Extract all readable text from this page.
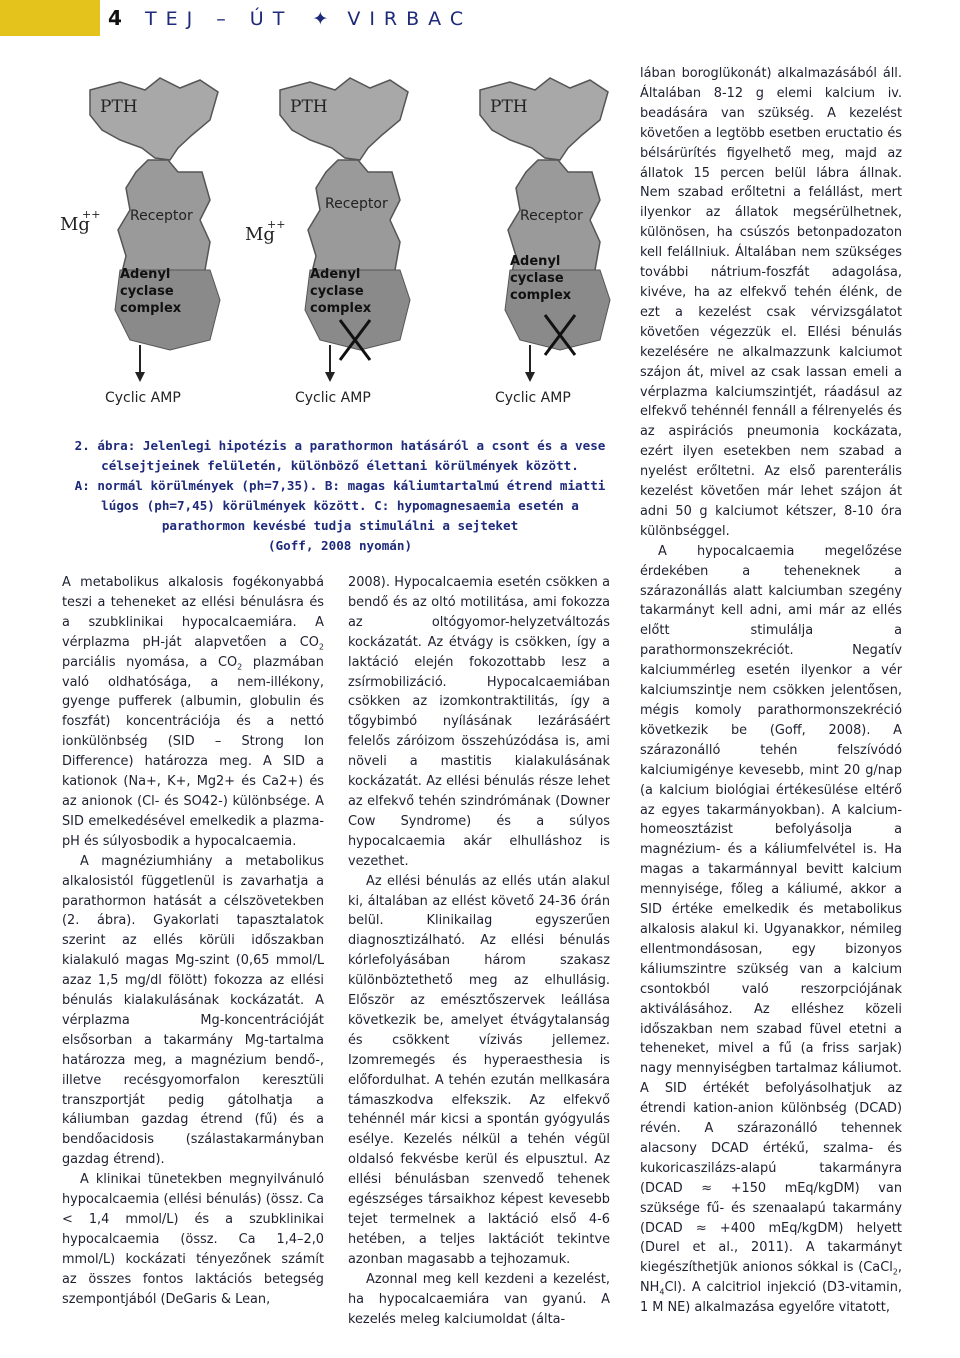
4 TEJ – ÚT ✦ VIRBAC
PTH
Mg
++ Receptor
Adenyl
cyclase
complex
Cyclic AMP
PTH
Mg
++
Receptor
Adenyl
cyclase
complex
Cyclic AMP
PTH
Receptor
Adenyl
cyclase
complex
Cyclic AMP

2. ábra: Jelenlegi hipotézis a parathormon hatásáról a csont és a vese

célsejtjeinek felületén, különböző élettani körülmények között.

A: normál körülmények (ph=7,35). B: magas káliumtartalmú étrend miatti

lúgos (ph=7,45) körülmények között. C: hypomagnesaemia esetén a

parathormon kevésbé tudja stimulálni a sejteket

(Goff, 2008 nyomán)

A metabolikus alkalosis fogékonyabbá teszi a teheneket az ellési bénulásra és a szubklinikai hypocalcaemiára. A vérplazma pH-ját alapvetően a $CO_2$ parciális nyomása, a $CO_2$ plazmában való oldhatósága, a nem-illékony, gyenge pufferek (albumin, globulin és foszfát) koncentrációja és a nettó ionkülönbség (SID – Strong Ion Difference) határozza meg. A SID a kationok (Na+, K+, Mg2+ és Ca2+) és az anionok (Cl- és SO42-) különbsége. A SID emelkedésével emelkedik a plazma-pH és súlyosbodik a hypocalcaemia.

A magnéziumhiány a metabolikus alkalosistól függetlenül is zavarhatja a parathormon hatását a célszövetekben (2. ábra). Gyakorlati tapasztalatok szerint az ellés körüli időszakban kialakuló magas Mg-szint (0,65 mmol/L azaz 1,5 mg/dl fölött) fokozza az ellési bénulás kialakulásának kockázatát. A vérplazma Mg-koncentrációját elsősorban a takarmány Mg-tartalma határozza meg, a magnézium bendő-, illetve recésgyomorfalon keresztüli transzportját pedig gátolhatja a káliumban gazdag étrend (fű) és a bendőacidosis (szálastakarmányban gazdag étrend).

A klinikai tünetekben megnyilvánuló hypocalcaemia (ellési bénulás) (össz. Ca < 1,4 mmol/L) és a szubklinikai hypocalcaemia (össz. Ca 1,4–2,0 mmol/L) kockázati tényezőnek számít az összes fontos laktációs betegség szempontjából (DeGaris & Lean,

2008). Hypocalcaemia esetén csökken a bendő és az oltó motilitása, ami fokozza az oltógyomor-helyzetváltozás kockázatát. Az étvágy is csökken, így a laktáció elején fokozottabb lesz a zsírmobilizáció. Hypocalcaemiában csökken az izomkontraktilitás, így a tőgybimbó nyílásának lezárásáért felelős záróizom összehúzódása is, ami növeli a mastitis kialakulásának kockázatát. Az ellési bénulás része lehet az elfekvő tehén szindrómának (Downer Cow Syndrome) és a súlyos hypocalcaemia akár elhulláshoz is vezethet.

Az ellési bénulás az ellés után alakul ki, általában az ellést követő 24-36 órán belül. Klinikailag egyszerűen diagnosztizálható. Az ellési bénulás kórlefolyásában három szakasz különböztethető meg az elhullásig. Először az emésztőszervek leállása következik be, amelyet étvágytalanság és csökkent vízivás jellemez. Izomremegés és hyperaesthesia is előfordulhat. A tehén ezután mellkasára támaszkodva elfekszik. Az elfekvő tehénnél már kicsi a spontán gyógyulás esélye. Kezelés nélkül a tehén végül oldalsó fekvésbe kerül és elpusztul. Az ellési bénulásban szenvedő tehenek egészséges társaikhoz képest kevesebb tejet termelnek a laktáció első 4-6 hetében, a teljes laktációt tekintve azonban magasabb a tejhozamuk.

Azonnal meg kell kezdeni a kezelést, ha hypocalcaemiára van gyanú. A kezelés meleg kalciumoldat (álta-

lában boroglükonát) alkalmazásából áll. Általában 8-12 g elemi kalcium iv. beadására van szükség. A kezelést követően a legtöbb esetben eructatio és bélsárürítés figyelhető meg, majd az állatok 15 percen belül lábra állnak. Nem szabad erőltetni a felállást, mert ilyenkor az állatok megsérülhetnek, különösen, ha csúszós betonpadozaton kell felállniuk. Általában nem szükséges további nátrium-foszfát adagolása, kivéve, ha az elfekvő tehén élénk, de ezt a kezelést csak vérvizsgálatot követően végezzük el. Ellési bénulás kezelésére ne alkalmazzunk kalciumot szájon át, mivel az csak lassan emeli a vérplazma kalciumszintjét, ráadásul az elfekvő tehénnél fennáll a félrenyelés és az aspirációs pneumonia kockázata, ezért ilyen esetekben nem szabad a nyelést erőltetni. Az első parenterális kezelést követően már lehet szájon át adni 50 g kalciumot kétszer, 8-10 óra különbséggel.

A hypocalcaemia megelőzése érdekében a teheneknek a szárazonállás alatt kalciumban szegény takarmányt kell adni, ami már az ellés előtt stimulálja a parathormonszekréciót. Negatív kalciummérleg esetén ilyenkor a vér kalciumszintje nem csökken jelentősen, mégis komoly parathormonszekréció következik be (Goff, 2008). A szárazonálló tehén felszívódó kalciumigénye kevesebb, mint 20 g/nap (a kalcium biológiai értékesülése eltérő az egyes takarmányokban). A kalcium-homeosztázist befolyásolja a magnézium- és a káliumfelvétel is. Ha magas a takarmánnyal bevitt kalcium mennyisége, főleg a káliumé, akkor a SID értéke emelkedik és metabolikus alkalosis alakul ki. Ugyanakkor, némileg ellentmondásosan, egy bizonyos káliumszintre szükség van a kalcium csontokból való reszorpciójának aktiválásához. Az elléshez közeli időszakban nem szabad füvel etetni a teheneket, mivel a fű (a friss sarjak) nagy mennyiségben tartalmaz káliumot. A SID értékét befolyásolhatjuk az étrendi kation-anion különbség (DCAD) révén. A szárazonálló tehennek alacsony DCAD értékű, szalma- és kukoricaszilázs-alapú takarmányra (DCAD ≈ +150 mEq/kgDM) van szüksége fű- és szenaalapú takarmány (DCAD ≈ +400 mEq/kgDM) helyett (Durel et al., 2011). A takarmányt kiegészíthetjük anionos sókkal is (CaCl$_2$, $NH_4Cl$). A calcitriol injekció (D3-vitamin, 1 M NE) alkalmazása egyelőre vitatott,
